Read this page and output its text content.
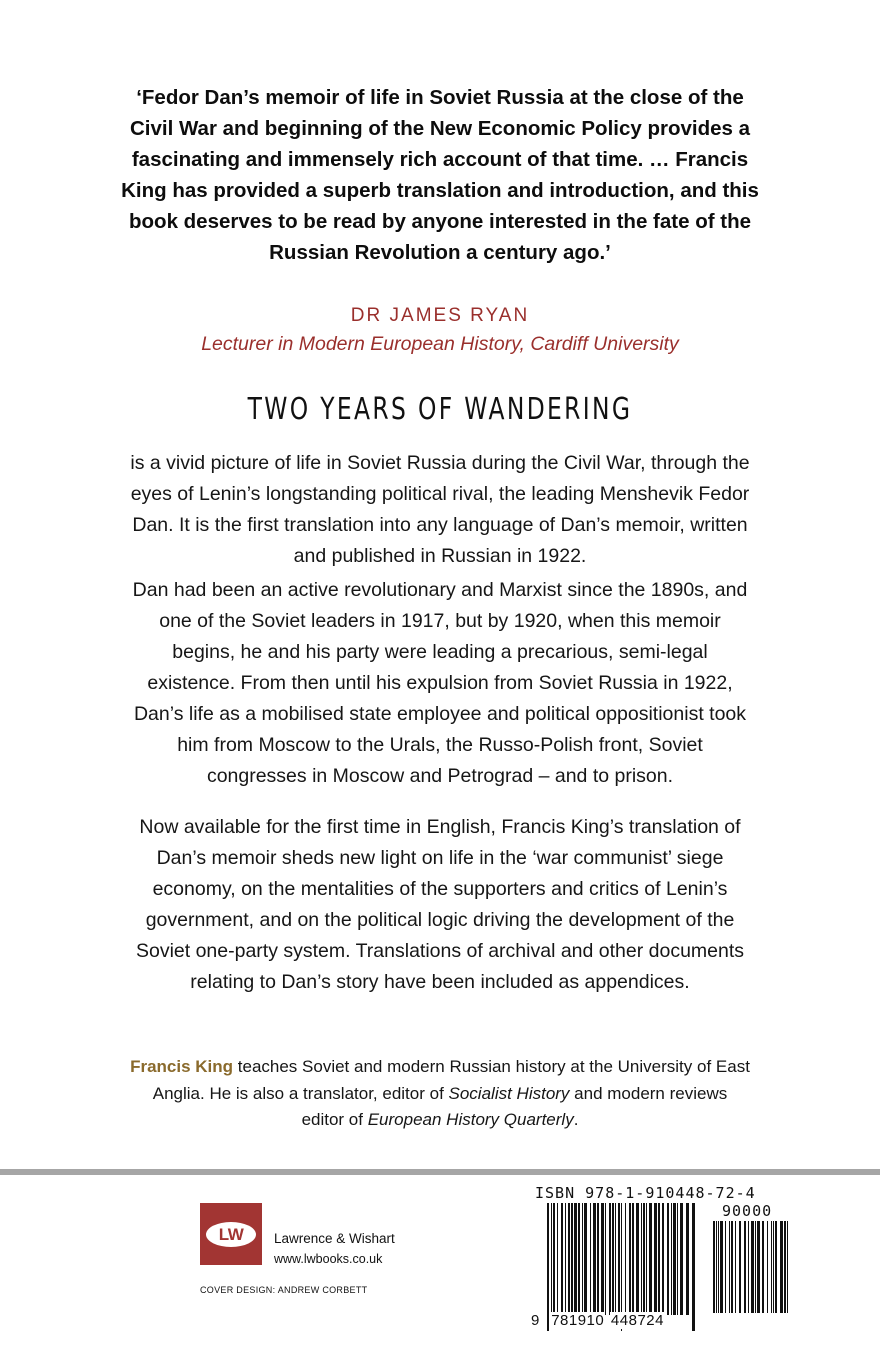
‘Fedor Dan’s memoir of life in Soviet Russia at the close of the Civil War and beginning of the New Economic Policy provides a fascinating and immensely rich account of that time. … Francis King has provided a superb translation and introduction, and this book deserves to be read by anyone interested in the fate of the Russian Revolution a century ago.’
DR JAMES RYAN
Lecturer in Modern European History, Cardiff University
TWO YEARS OF WANDERING
is a vivid picture of life in Soviet Russia during the Civil War, through the eyes of Lenin’s longstanding political rival, the leading Menshevik Fedor Dan. It is the first translation into any language of Dan’s memoir, written and published in Russian in 1922.
Dan had been an active revolutionary and Marxist since the 1890s, and one of the Soviet leaders in 1917, but by 1920, when this memoir begins, he and his party were leading a precarious, semi-legal existence. From then until his expulsion from Soviet Russia in 1922, Dan’s life as a mobilised state employee and political oppositionist took him from Moscow to the Urals, the Russo-Polish front, Soviet congresses in Moscow and Petrograd – and to prison.
Now available for the first time in English, Francis King’s translation of Dan’s memoir sheds new light on life in the ‘war communist’ siege economy, on the mentalities of the supporters and critics of Lenin’s government, and on the political logic driving the development of the Soviet one-party system. Translations of archival and other documents relating to Dan’s story have been included as appendices.
Francis King teaches Soviet and modern Russian history at the University of East Anglia. He is also a translator, editor of Socialist History and modern reviews editor of European History Quarterly.
LW	Lawrence & Wishart
www.lwbooks.co.uk
COVER DESIGN: ANDREW CORBETT
ISBN 978-1-910448-72-4
90000
9 781910 448724
